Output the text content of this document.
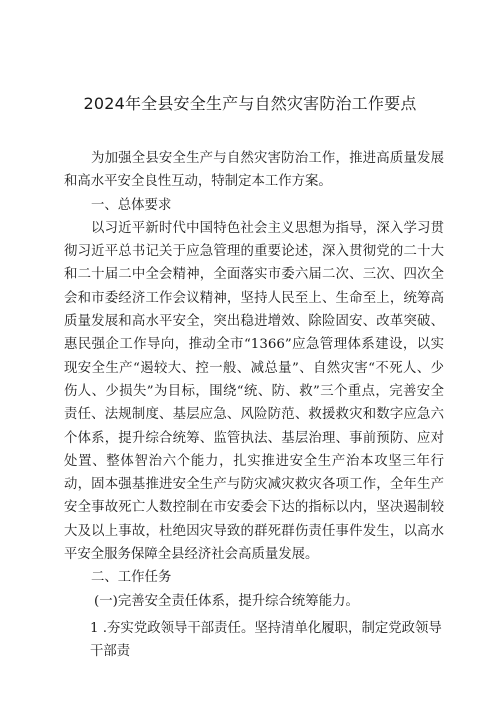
2024年全县安全生产与自然灾害防治工作要点

为加强全县安全生产与自然灾害防治工作，推进高质量发展和高水平安全良性互动，特制定本工作方案。

一、总体要求

以习近平新时代中国特色社会主义思想为指导，深入学习贯彻习近平总书记关于应急管理的重要论述，深入贯彻党的二十大和二十届二中全会精神，全面落实市委六届二次、三次、四次全会和市委经济工作会议精神，坚持人民至上、生命至上，统筹高质量发展和高水平安全，突出稳进增效、除险固安、改革突破、惠民强企工作导向，推动全市“1366”应急管理体系建设，以实现安全生产“遏较大、控一般、减总量”、自然灾害“不死人、少伤人、少损失”为目标，围绕“统、防、救”三个重点，完善安全责任、法规制度、基层应急、风险防范、救援救灾和数字应急六个体系，提升综合统筹、监管执法、基层治理、事前预防、应对处置、整体智治六个能力，扎实推进安全生产治本攻坚三年行动，固本强基推进安全生产与防灾减灾救灾各项工作，全年生产安全事故死亡人数控制在市安委会下达的指标以内，坚决遏制较大及以上事故，杜绝因灾导致的群死群伤责任事件发生，以高水平安全服务保障全县经济社会高质量发展。

二、工作任务

(一)完善安全责任体系，提升综合统筹能力。

1 .夯实党政领导干部责任。坚持清单化履职，制定党政领导干部责
